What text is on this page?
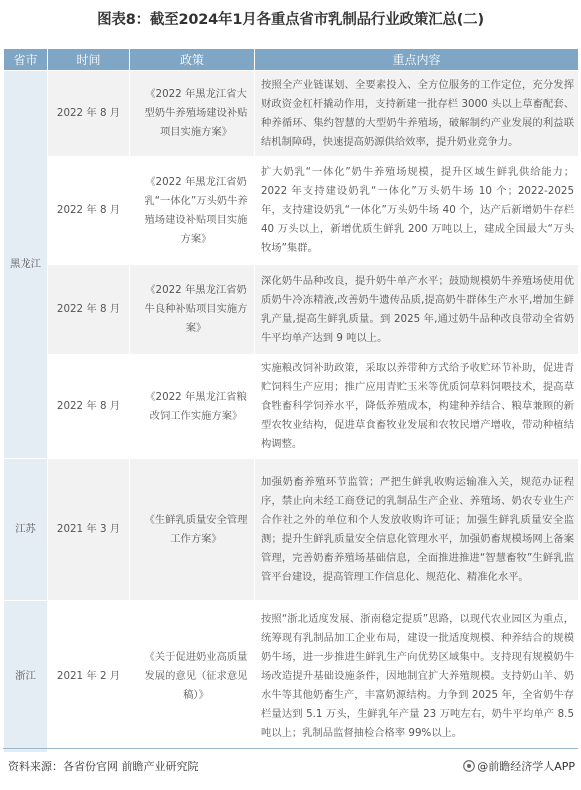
图表8：截至2024年1月各重点省市乳制品行业政策汇总(二)
省市	时间	政策	重点内容
黑龙江	2022 年 8 月	《2022 年黑龙江省大型奶牛养殖场建设补贴项目实施方案》	按照全产业链谋划、全要素投入、全方位服务的工作定位，充分发挥财政资金杠杆撬动作用，支持新建一批存栏 3000 头以上草畜配套、种养循环、集约智慧的大型奶牛养殖场，破解制约产业发展的利益联结机制障碍，快速提高奶源供给效率，提升奶业竞争力。
	2022 年 8 月	《2022 年黑龙江省奶乳“一体化”万头奶牛养殖场建设补贴项目实施方案》	扩大奶乳“一体化”奶牛养殖场规模，提升区域生鲜乳供给能力；2022 年支持建设奶乳“一体化”万头奶牛场 10 个；2022-2025 年，支持建设奶乳“一体化”万头奶牛场 40 个，达产后新增奶牛存栏 40 万头以上，新增优质生鲜乳 200 万吨以上，建成全国最大“万头牧场”集群。
	2022 年 8 月	《2022 年黑龙江省奶牛良种补贴项目实施方案》	深化奶牛品种改良，提升奶牛单产水平；鼓励规模奶牛养殖场使用优质奶牛冷冻精液,改善奶牛遗传品质,提高奶牛群体生产水平,增加生鲜乳产量,提高生鲜乳质量。到 2025 年,通过奶牛品种改良带动全省奶牛平均单产达到 9 吨以上。
	2022 年 8 月	《2022 年黑龙江省粮改饲工作实施方案》	实施粮改饲补助政策，采取以养带种方式给予收贮环节补助，促进青贮饲料生产应用；推广应用青贮玉米等优质饲草料饲喂技术，提高草食牲畜科学饲养水平，降低养殖成本，构建种养结合、粮草兼顾的新型农牧业结构，促进草食畜牧业发展和农牧民增产增收，带动种植结构调整。
江苏	2021 年 3 月	《生鲜乳质量安全管理工作方案》	加强奶畜养殖环节监管；严把生鲜乳收购运输准入关，规范办证程序，禁止向未经工商登记的乳制品生产企业、养殖场、奶农专业生产合作社之外的单位和个人发放收购许可证；加强生鲜乳质量安全监测；提升生鲜乳质量安全信息化管理水平，加强奶畜规模场网上备案管理，完善奶畜养殖场基础信息，全面推进推进“智慧畜牧”生鲜乳监管平台建设，提高管理工作信息化、规范化、精准化水平。
浙江	2021 年 2 月	《关于促进奶业高质量发展的意见（征求意见稿）》	按照“浙北适度发展、浙南稳定提质”思路，以现代农业园区为重点，统筹现有乳制品加工企业布局，建设一批适度规模、种养结合的规模奶牛场，进一步推进生鲜乳生产向优势区域集中。支持现有规模奶牛场改造提升基础设施条件，因地制宜扩大养殖规模。支持奶山羊、奶水牛等其他奶畜生产，丰富奶源结构。力争到 2025 年，全省奶牛存栏量达到 5.1 万头，生鲜乳年产量 23 万吨左右，奶牛平均单产 8.5 吨以上；乳制品监督抽检合格率 99%以上。
资料来源：各省份官网 前瞻产业研究院	@前瞻经济学人APP
